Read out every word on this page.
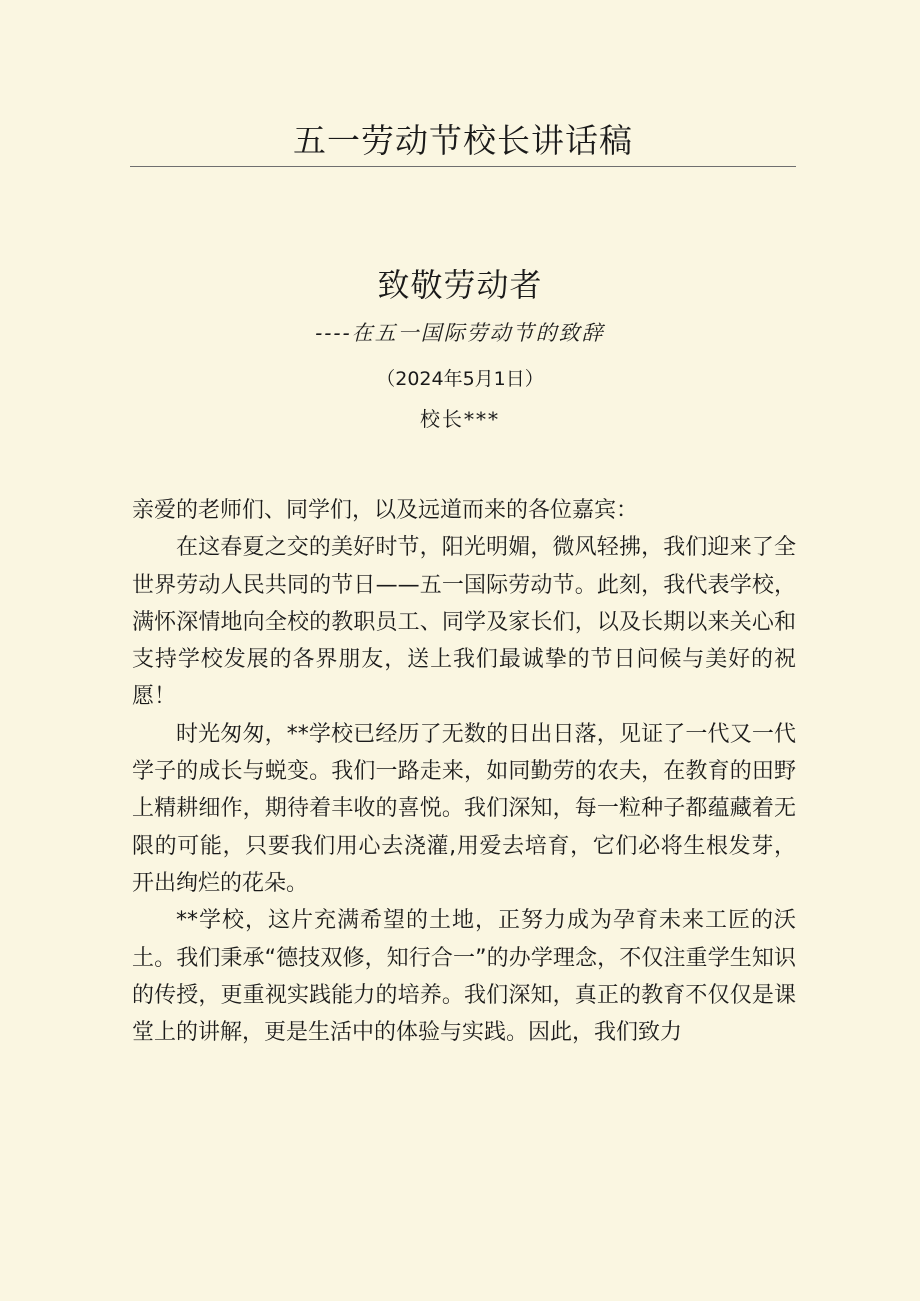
五一劳动节校长讲话稿
致敬劳动者
----在五一国际劳动节的致辞
（2024年5月1日）
校长***

亲爱的老师们、同学们，以及远道而来的各位嘉宾：

在这春夏之交的美好时节，阳光明媚，微风轻拂，我们迎来了全世界劳动人民共同的节日——五一国际劳动节。此刻，我代表学校，满怀深情地向全校的教职员工、同学及家长们，以及长期以来关心和支持学校发展的各界朋友，送上我们最诚挚的节日问候与美好的祝愿！

时光匆匆，**学校已经历了无数的日出日落，见证了一代又一代学子的成长与蜕变。我们一路走来，如同勤劳的农夫，在教育的田野上精耕细作，期待着丰收的喜悦。我们深知，每一粒种子都蕴藏着无限的可能，只要我们用心去浇灌,用爱去培育，它们必将生根发芽，开出绚烂的花朵。

**学校，这片充满希望的土地，正努力成为孕育未来工匠的沃土。我们秉承“德技双修，知行合一”的办学理念，不仅注重学生知识的传授，更重视实践能力的培养。我们深知，真正的教育不仅仅是课堂上的讲解，更是生活中的体验与实践。因此，我们致力
